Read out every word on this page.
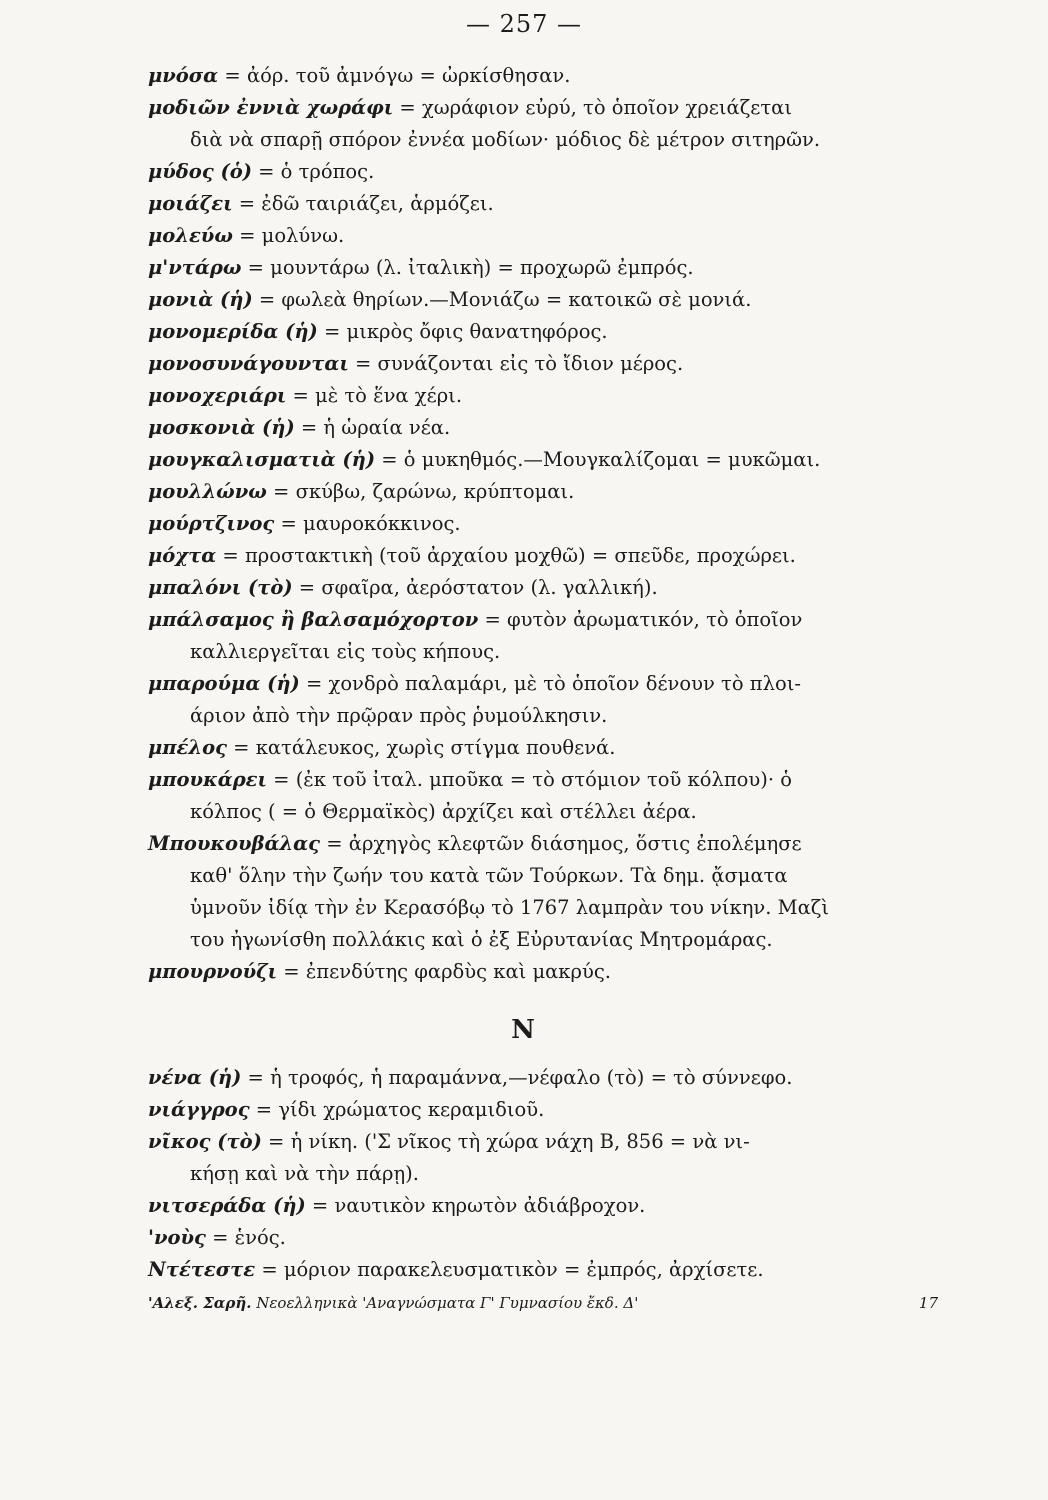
— 257 —
μνόσα = ἀόρ. τοῦ ἀμνόγω = ὠρκίσθησαν.
μοδιῶν ἐννιὰ χωράφι = χωράφιον εὐρύ, τὸ ὁποῖον χρειάζεται
διὰ νὰ σπαρῇ σπόρον ἐννέα μοδίων· μόδιος δὲ μέτρον σιτηρῶν.
μύδος (ὁ) = ὁ τρόπος.
μοιάζει = ἐδῶ ταιριάζει, ἁρμόζει.
μολεύω = μολύνω.
μ'ντάρω = μουντάρω (λ. ἰταλικὴ) = προχωρῶ ἐμπρός.
μονιὰ (ἡ) = φωλεὰ θηρίων.—Μονιάζω = κατοικῶ σὲ μονιά.
μονομερίδα (ἡ) = μικρὸς ὄφις θανατηφόρος.
μονοσυνάγουνται = συνάζονται εἰς τὸ ἴδιον μέρος.
μονοχεριάρι = μὲ τὸ ἕνα χέρι.
μοσκονιὰ (ἡ) = ἡ ὡραία νέα.
μουγκαλισματιὰ (ἡ) = ὁ μυκηθμός.—Μουγκαλίζομαι = μυκῶμαι.
μουλλώνω = σκύβω, ζαρώνω, κρύπτομαι.
μούρτζινος = μαυροκόκκινος.
μόχτα = προστακτικὴ (τοῦ ἀρχαίου μοχθῶ) = σπεῦδε, προχώρει.
μπαλόνι (τὸ) = σφαῖρα, ἀερόστατον (λ. γαλλική).
μπάλσαμος ἢ βαλσαμόχορτον = φυτὸν ἀρωματικόν, τὸ ὁποῖον
καλλιεργεῖται εἰς τοὺς κήπους.
μπαρούμα (ἡ) = χονδρὸ παλαμάρι, μὲ τὸ ὁποῖον δένουν τὸ πλοι-
άριον ἀπὸ τὴν πρῷραν πρὸς ῥυμούλκησιν.
μπέλος = κατάλευκος, χωρὶς στίγμα πουθενά.
μπουκάρει = (ἐκ τοῦ ἰταλ. μποῦκα = τὸ στόμιον τοῦ κόλπου)· ὁ
κόλπος ( = ὁ Θερμαϊκὸς) ἀρχίζει καὶ στέλλει ἀέρα.
Μπουκουβάλας = ἀρχηγὸς κλεφτῶν διάσημος, ὅστις ἐπολέμησε
καθ' ὅλην τὴν ζωήν του κατὰ τῶν Τούρκων. Τὰ δημ. ᾄσματα
ὑμνοῦν ἰδίᾳ τὴν ἐν Κερασόβῳ τὸ 1767 λαμπρὰν του νίκην. Μαζὶ
του ἠγωνίσθη πολλάκις καὶ ὁ ἐξ Εὐρυτανίας Μητρομάρας.
μπουρνούζι = ἐπενδύτης φαρδὺς καὶ μακρύς.
Ν
νένα (ἡ) = ἡ τροφός, ἡ παραμάννα,—νέφαλο (τὸ) = τὸ σύννεφο.
νιάγγρος = γίδι χρώματος κεραμιδιοῦ.
νῖκος (τὸ) = ἡ νίκη. ('Σ νῖκος τὴ χώρα νάχη Β, 856 = νὰ νι-
κήσῃ καὶ νὰ τὴν πάρῃ).
νιτσεράδα (ἡ) = ναυτικὸν κηρωτὸν ἀδιάβροχον.
'νοὺς = ἑνός.
Ντέτεστε = μόριον παρακελευσματικὸν = ἐμπρός, ἀρχίσετε.
'Αλεξ. Σαρῆ. Νεοελληνικὰ 'Αναγνώσματα Γ' Γυμνασίου ἔκδ. Δ'	17
